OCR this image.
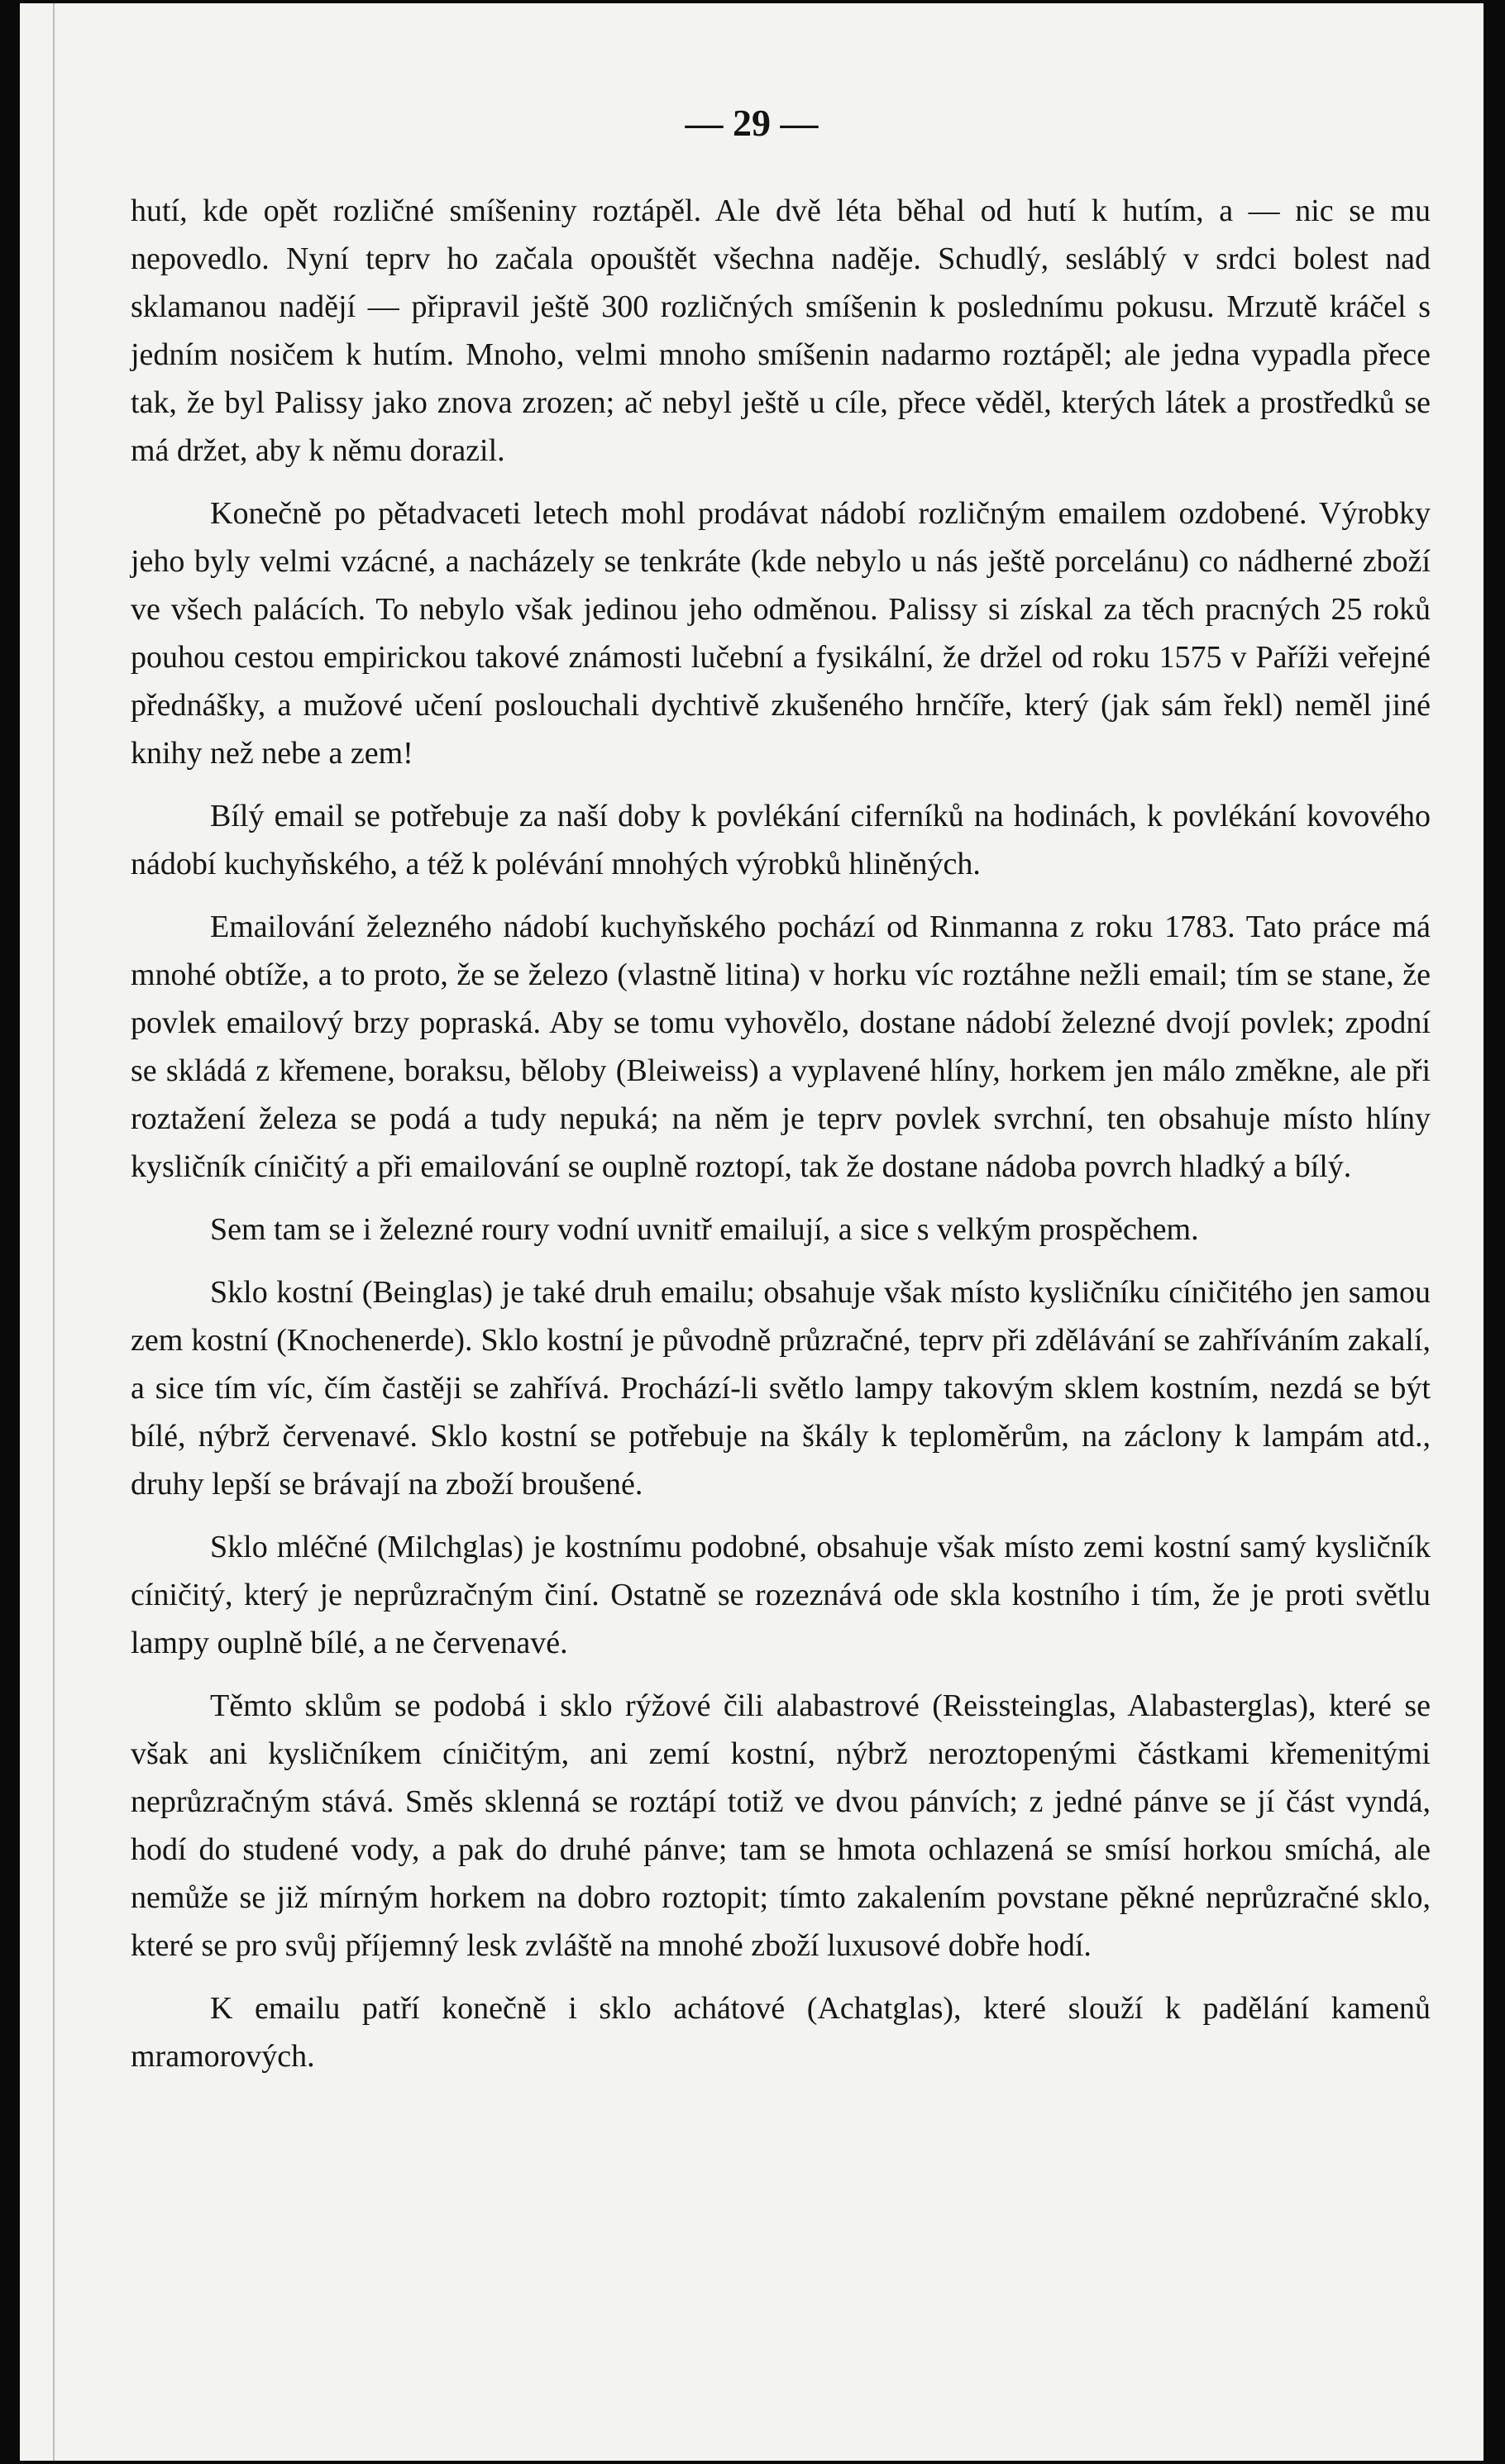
— 29 —

hutí, kde opět rozličné smíšeniny roztápěl. Ale dvě léta běhal od hutí k hutím, a — nic se mu nepovedlo. Nyní teprv ho začala opouštět všechna naděje. Schudlý, sesláblý v srdci bolest nad sklamanou nadějí — připravil ještě 300 rozličných smíšenin k poslednímu pokusu. Mrzutě kráčel s jedním nosičem k hutím. Mnoho, velmi mnoho smíšenin nadarmo roztápěl; ale jedna vypadla přece tak, že byl Palissy jako znova zrozen; ač nebyl ještě u cíle, přece věděl, kterých látek a prostředků se má držet, aby k němu dorazil.

Konečně po pětadvaceti letech mohl prodávat nádobí rozličným emailem ozdobené. Výrobky jeho byly velmi vzácné, a nacházely se tenkráte (kde nebylo u nás ještě porcelánu) co nádherné zboží ve všech palácích. To nebylo však jedinou jeho odměnou. Palissy si získal za těch pracných 25 roků pouhou cestou empirickou takové známosti lučební a fysikální, že držel od roku 1575 v Paříži veřejné přednášky, a mužové učení poslouchali dychtivě zkušeného hrnčíře, který (jak sám řekl) neměl jiné knihy než nebe a zem!

Bílý email se potřebuje za naší doby k povlékání ciferníků na hodinách, k povlékání kovového nádobí kuchyňského, a též k polévání mnohých výrobků hliněných.

Emailování železného nádobí kuchyňského pochází od Rinmanna z roku 1783. Tato práce má mnohé obtíže, a to proto, že se železo (vlastně litina) v horku víc roztáhne nežli email; tím se stane, že povlek emailový brzy popraská. Aby se tomu vyhovělo, dostane nádobí železné dvojí povlek; zpodní se skládá z křemene, boraksu, běloby (Bleiweiss) a vyplavené hlíny, horkem jen málo změkne, ale při roztažení železa se podá a tudy nepuká; na něm je teprv povlek svrchní, ten obsahuje místo hlíny kysličník cíničitý a při emailování se ouplně roztopí, tak že dostane nádoba povrch hladký a bílý.

Sem tam se i železné roury vodní uvnitř emailují, a sice s velkým prospěchem.

Sklo kostní (Beinglas) je také druh emailu; obsahuje však místo kysličníku cíničitého jen samou zem kostní (Knochenerde). Sklo kostní je původně průzračné, teprv při zdělávání se zahříváním zakalí, a sice tím víc, čím častěji se zahřívá. Prochází-li světlo lampy takovým sklem kostním, nezdá se být bílé, nýbrž červenavé. Sklo kostní se potřebuje na škály k teploměrům, na záclony k lampám atd., druhy lepší se brávají na zboží broušené.

Sklo mléčné (Milchglas) je kostnímu podobné, obsahuje však místo zemi kostní samý kysličník cíničitý, který je neprůzračným činí. Ostatně se rozeznává ode skla kostního i tím, že je proti světlu lampy ouplně bílé, a ne červenavé.

Těmto sklům se podobá i sklo rýžové čili alabastrové (Reissteinglas, Alabasterglas), které se však ani kysličníkem cíničitým, ani zemí kostní, nýbrž neroztopenými částkami křemenitými neprůzračným stává. Směs sklenná se roztápí totiž ve dvou pánvích; z jedné pánve se jí část vyndá, hodí do studené vody, a pak do druhé pánve; tam se hmota ochlazená se smísí horkou smíchá, ale nemůže se již mírným horkem na dobro roztopit; tímto zakalením povstane pěkné neprůzračné sklo, které se pro svůj příjemný lesk zvláště na mnohé zboží luxusové dobře hodí.

K emailu patří konečně i sklo achátové (Achatglas), které slouží k padělání kamenů mramorových.
